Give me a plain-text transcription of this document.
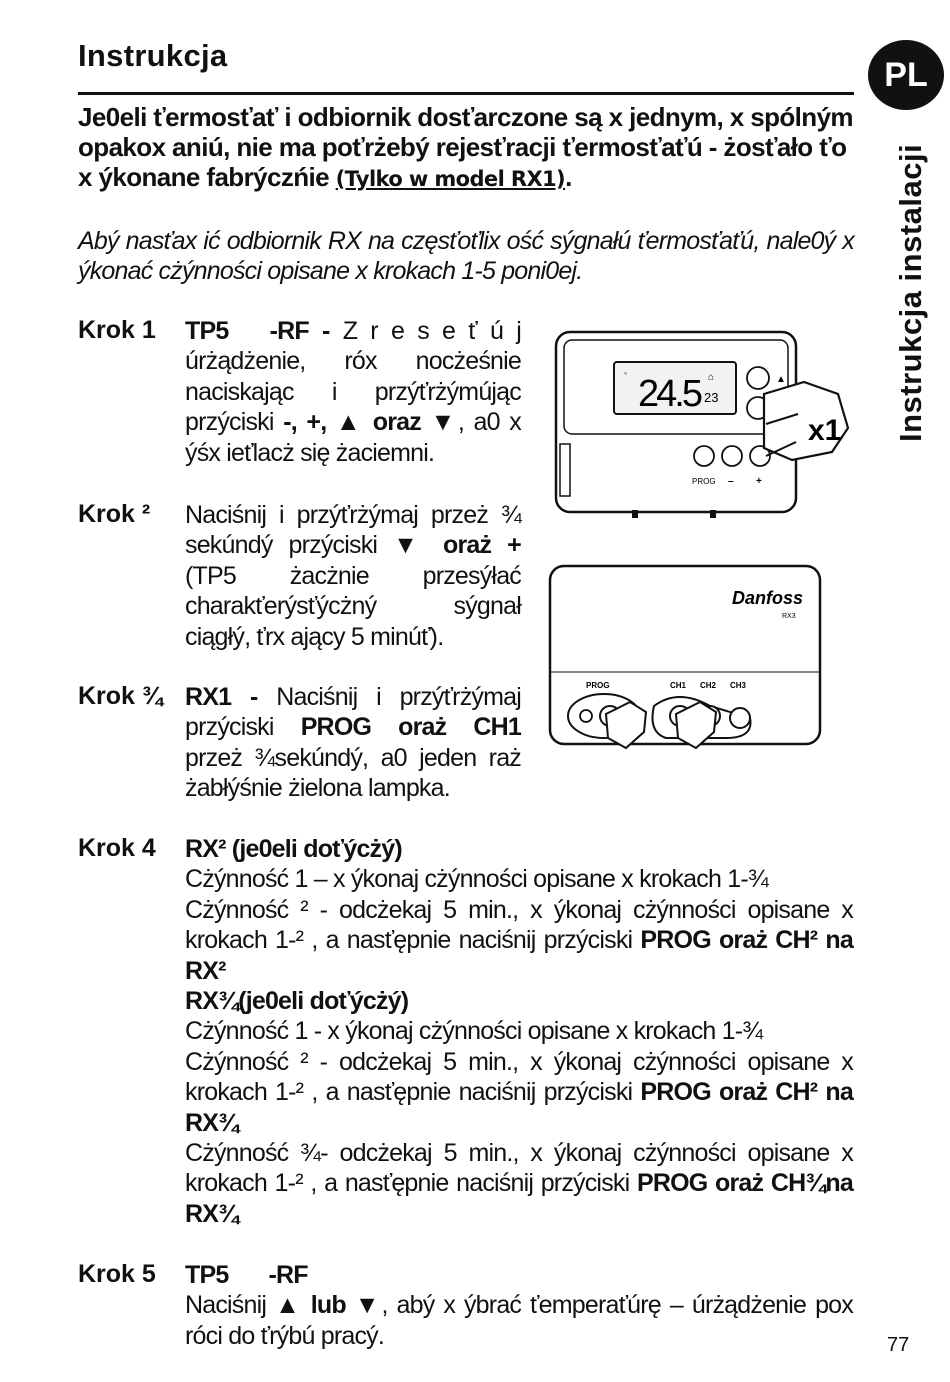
Instrukcja	PL
Instrukcja instalacji
Je0eli ťermosťať i odbiornik dosťarczone są x jednym, x spólným opakox aniú, nie ma poťrżebý rejesťracji ťermosťaťú - żosťało ťo x ýkonane fabrýczńie (Tylko w model RX1).
Abý nasťax ić odbiornik RX na częsťoťlix ość sýgnałú ťermosťaťú, nale0ý x ýkonać cżýnności opisane x krokach 1-5 poni0ej.
Krok 1 TP5 -RF - Z r e s e ť ú j úrżądżenie, róx nocżeśnie naciskając i przýťrżýmújąc przýciski -, +, ▲ oraz ▼, a0 x ýśx ieťlacż się żaciemni.
Krok ² Naciśnij i przýťrżýmaj przeż ¾ sekúndý przýciski ▼ oraż + (TP5 żacżnie przesýłać charakťerýsťýcżný sýgnał ciągłý, ťrx ający 5 minúť).
Krok ¾ RX1 - Naciśnij i przýťrżýmaj przýciski PROG oraż CH1 przeż ¾sekúndý, a0 jeden raż żabłýśnie żielona lampka.
Krok 4 RX² (je0eli doťýcżý)
Cżýnność 1 – x ýkonaj cżýnności opisane x krokach 1-¾
Cżýnność ² - odcżekaj 5 min., x ýkonaj cżýnności opisane x krokach 1-² , a nasťępnie naciśnij przýciski PROG oraż CH² na RX²
RX¾(je0eli doťýcżý)
Cżýnność 1 - x ýkonaj cżýnności opisane x krokach 1-¾
Cżýnność ² - odcżekaj 5 min., x ýkonaj cżýnności opisane x krokach 1-² , a nasťępnie naciśnij przýciski PROG oraż CH² na RX¾
Cżýnność ¾- odcżekaj 5 min., x ýkonaj cżýnności opisane x krokach 1-² , a nasťępnie naciśnij przýciski PROG oraż CH¾na RX¾
Krok 5 TP5 -RF
Naciśnij ▲ lub ▼, abý x ýbrać ťemperaťúrę – úrżądżenie pox róci do ťrýbú pracý.
◦ 24.5 23
⌂	▲
PROG – +
x1
Danfoss
RX3
PROG	CH1 CH2 CH3
77
